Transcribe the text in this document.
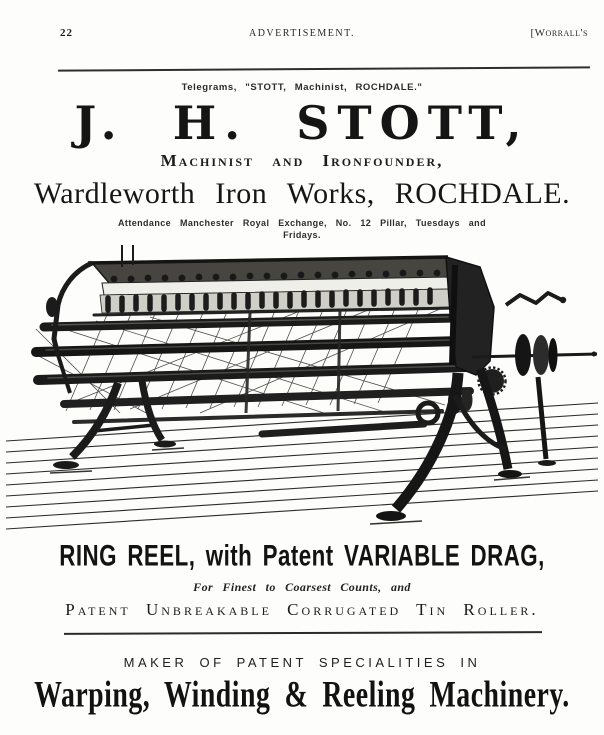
22	ADVERTISEMENT.	[Worrall's
Telegrams, "STOTT, Machinist, ROCHDALE."
J. H. STOTT,
Machinist and Ironfounder,
Wardleworth Iron Works, ROCHDALE.
Attendance Manchester Royal Exchange, No. 12 Pillar, Tuesdays and
Fridays.
RING REEL, with Patent VARIABLE DRAG,
For Finest to Coarsest Counts, and
Patent Unbreakable Corrugated Tin Roller.
MAKER OF PATENT SPECIALITIES IN
Warping, Winding & Reeling Machinery.
